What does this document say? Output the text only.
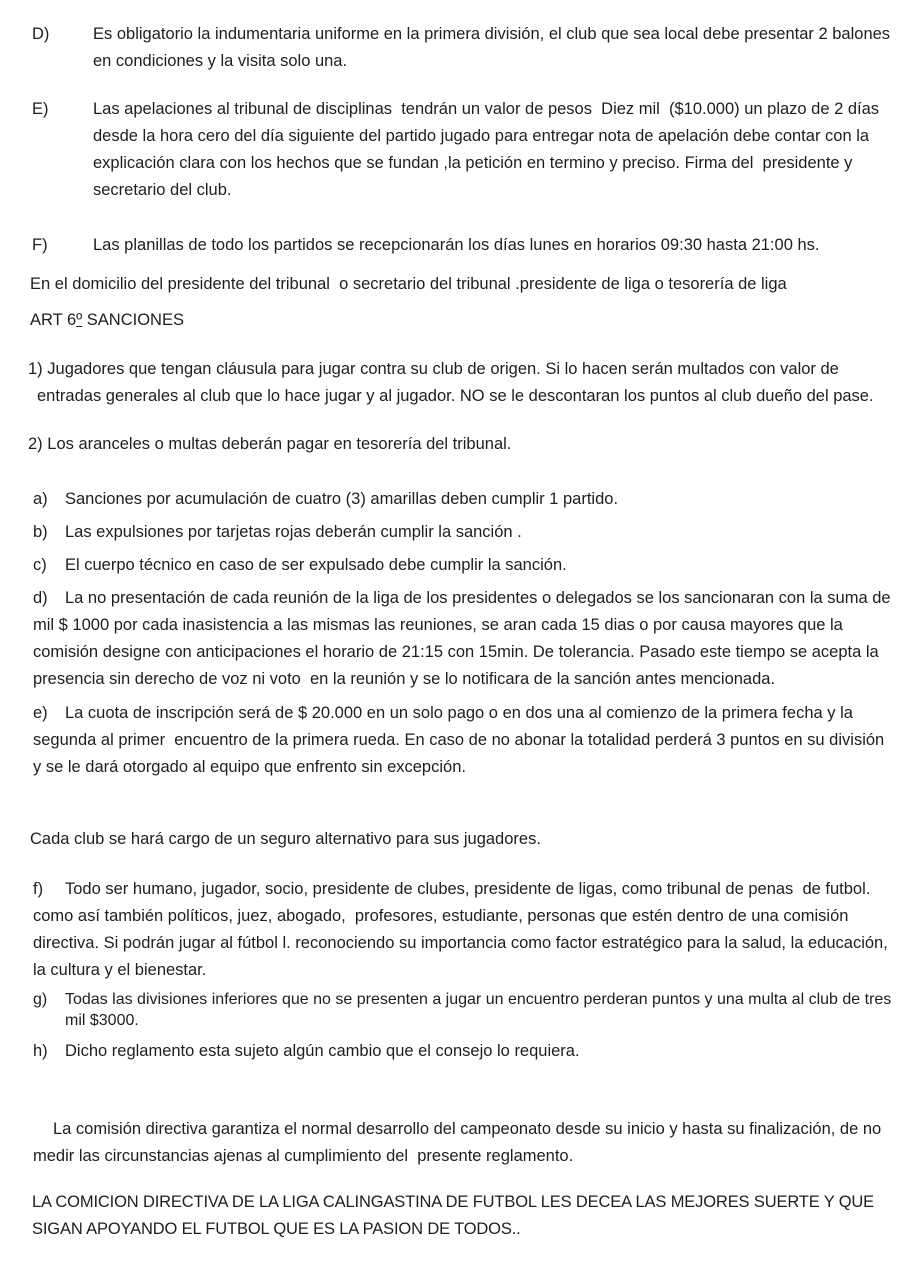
D)	Es obligatorio la indumentaria uniforme en la primera división, el club que sea local debe presentar 2 balones en condiciones y la visita solo una.

E)	Las apelaciones al tribunal de disciplinas  tendrán un valor de pesos  Diez mil  ($10.000) un plazo de 2 días  desde la hora cero del día siguiente del partido jugado para entregar nota de apelación debe contar con la explicación clara con los hechos que se fundan ,la petición en termino y preciso. Firma del  presidente y secretario del club.

F)	Las planillas de todo los partidos se recepcionarán los días lunes en horarios 09:30 hasta 21:00 hs.

En el domicilio del presidente del tribunal  o secretario del tribunal .presidente de liga o tesorería de liga

ART 6º SANCIONES

1) Jugadores que tengan cláusula para jugar contra su club de origen. Si lo hacen serán multados con valor de entradas generales al club que lo hace jugar y al jugador. NO se le descontaran los puntos al club dueño del pase.

2) Los aranceles o multas deberán pagar en tesorería del tribunal.

a) Sanciones por acumulación de cuatro (3) amarillas deben cumplir 1 partido.

b) Las expulsiones por tarjetas rojas deberán cumplir la sanción .

c) El cuerpo técnico en caso de ser expulsado debe cumplir la sanción.

d) La no presentación de cada reunión de la liga de los presidentes o delegados se los sancionaran con la suma de mil $ 1000 por cada inasistencia a las mismas las reuniones, se aran cada 15 dias o por causa mayores que la comisión designe con anticipaciones el horario de 21:15 con 15min. De tolerancia. Pasado este tiempo se acepta la presencia sin derecho de voz ni voto  en la reunión y se lo notificara de la sanción antes mencionada.

e) La cuota de inscripción será de $ 20.000 en un solo pago o en dos una al comienzo de la primera fecha y la segunda al primer  encuentro de la primera rueda. En caso de no abonar la totalidad perderá 3 puntos en su división y se le dará otorgado al equipo que enfrento sin excepción.

Cada club se hará cargo de un seguro alternativo para sus jugadores.

f) Todo ser humano, jugador, socio, presidente de clubes, presidente de ligas, como tribunal de penas  de futbol. como así también políticos, juez, abogado,  profesores, estudiante, personas que estén dentro de una comisión directiva. Si podrán jugar al fútbol l. reconociendo su importancia como factor estratégico para la salud, la educación, la cultura y el bienestar.

g) Todas las divisiones inferiores que no se presenten a jugar un encuentro perderan puntos y una multa al club de tres mil $3000.

h) Dicho reglamento esta sujeto algún cambio que el consejo lo requiera.

La comisión directiva garantiza el normal desarrollo del campeonato desde su inicio y hasta su finalización, de no medir las circunstancias ajenas al cumplimiento del  presente reglamento.

LA COMICION DIRECTIVA DE LA LIGA CALINGASTINA DE FUTBOL LES DECEA LAS MEJORES SUERTE Y QUE SIGAN APOYANDO EL FUTBOL QUE ES LA PASION DE TODOS..
